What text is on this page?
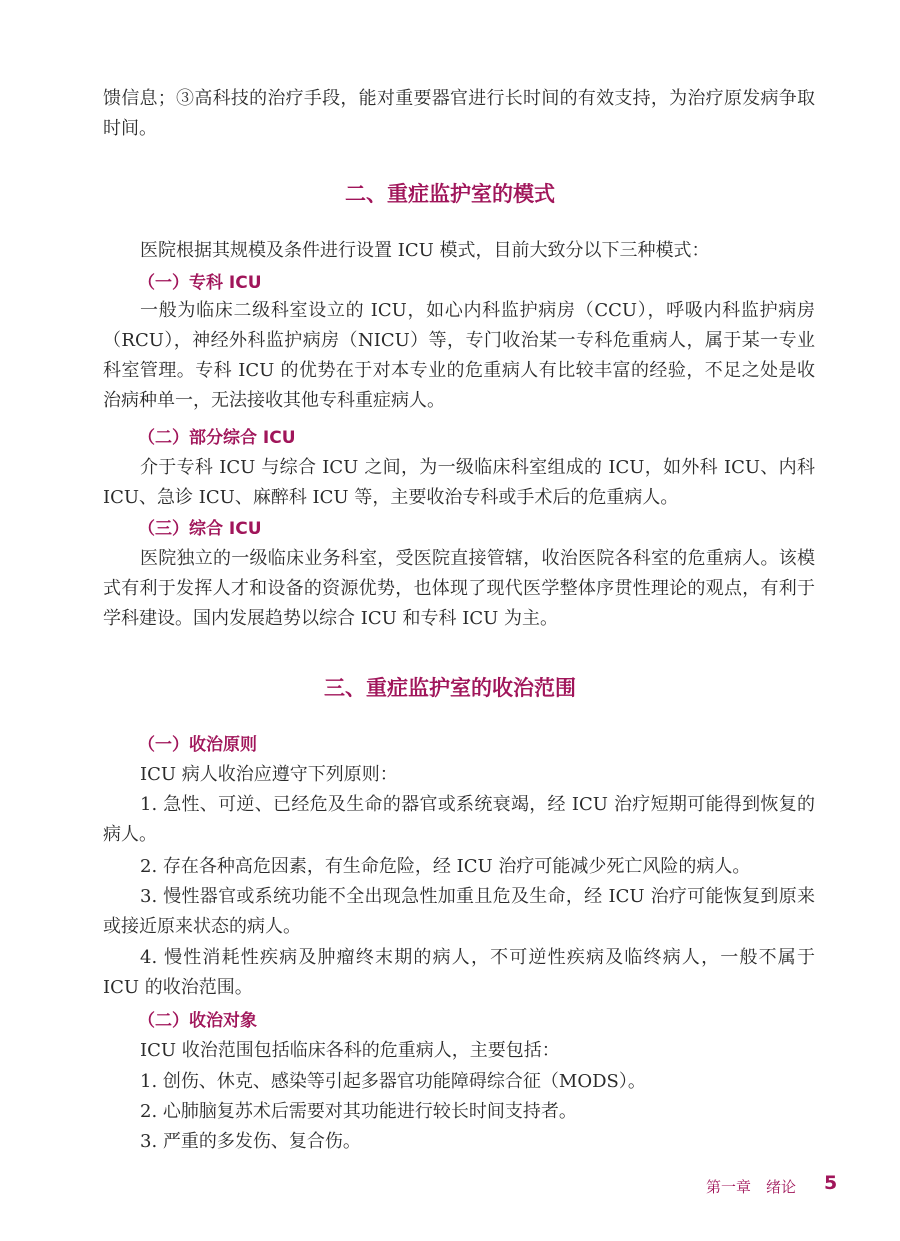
馈信息；③高科技的治疗手段，能对重要器官进行长时间的有效支持，为治疗原发病争取时间。

二、重症监护室的模式

医院根据其规模及条件进行设置 ICU 模式，目前大致分以下三种模式：

（一）专科 ICU

一般为临床二级科室设立的 ICU，如心内科监护病房（CCU），呼吸内科监护病房（RCU），神经外科监护病房（NICU）等，专门收治某一专科危重病人，属于某一专业科室管理。专科 ICU 的优势在于对本专业的危重病人有比较丰富的经验，不足之处是收治病种单一，无法接收其他专科重症病人。

（二）部分综合 ICU

介于专科 ICU 与综合 ICU 之间，为一级临床科室组成的 ICU，如外科 ICU、内科 ICU、急诊 ICU、麻醉科 ICU 等，主要收治专科或手术后的危重病人。

（三）综合 ICU

医院独立的一级临床业务科室，受医院直接管辖，收治医院各科室的危重病人。该模式有利于发挥人才和设备的资源优势，也体现了现代医学整体序贯性理论的观点，有利于学科建设。国内发展趋势以综合 ICU 和专科 ICU 为主。

三、重症监护室的收治范围
（一）收治原则

ICU 病人收治应遵守下列原则：

1. 急性、可逆、已经危及生命的器官或系统衰竭，经 ICU 治疗短期可能得到恢复的病人。

2. 存在各种高危因素，有生命危险，经 ICU 治疗可能减少死亡风险的病人。

3. 慢性器官或系统功能不全出现急性加重且危及生命，经 ICU 治疗可能恢复到原来或接近原来状态的病人。

4. 慢性消耗性疾病及肿瘤终末期的病人，不可逆性疾病及临终病人，一般不属于 ICU 的收治范围。

（二）收治对象

ICU 收治范围包括临床各科的危重病人，主要包括：

1. 创伤、休克、感染等引起多器官功能障碍综合征（MODS）。

2. 心肺脑复苏术后需要对其功能进行较长时间支持者。

3. 严重的多发伤、复合伤。

第一章　绪论 5
